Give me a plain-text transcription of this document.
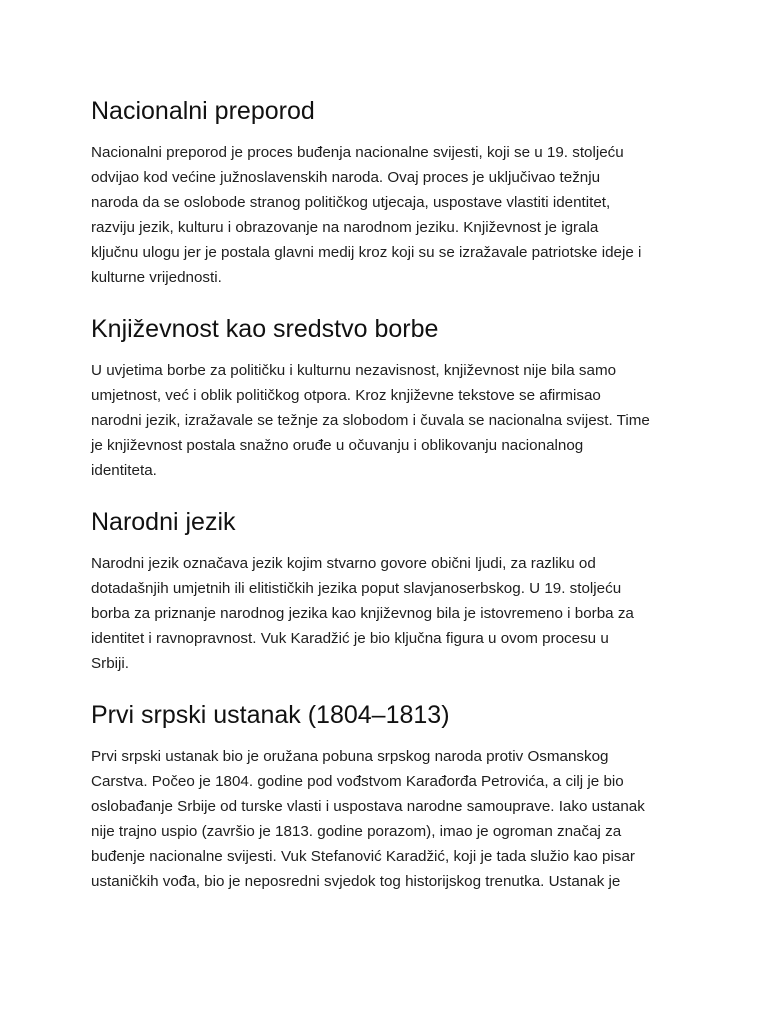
Nacionalni preporod

Nacionalni preporod je proces buđenja nacionalne svijesti, koji se u 19. stoljeću
odvijao kod većine južnoslavenskih naroda. Ovaj proces je uključivao težnju
naroda da se oslobode stranog političkog utjecaja, uspostave vlastiti identitet,
razviju jezik, kulturu i obrazovanje na narodnom jeziku. Književnost je igrala
ključnu ulogu jer je postala glavni medij kroz koji su se izražavale patriotske ideje i
kulturne vrijednosti.

Književnost kao sredstvo borbe

U uvjetima borbe za političku i kulturnu nezavisnost, književnost nije bila samo
umjetnost, već i oblik političkog otpora. Kroz književne tekstove se afirmisao
narodni jezik, izražavale se težnje za slobodom i čuvala se nacionalna svijest. Time
je književnost postala snažno oruđe u očuvanju i oblikovanju nacionalnog
identiteta.

Narodni jezik

Narodni jezik označava jezik kojim stvarno govore obični ljudi, za razliku od
dotadašnjih umjetnih ili elitističkih jezika poput slavjanoserbskog. U 19. stoljeću
borba za priznanje narodnog jezika kao književnog bila je istovremeno i borba za
identitet i ravnopravnost. Vuk Karadžić je bio ključna figura u ovom procesu u
Srbiji.

Prvi srpski ustanak (1804–1813)

Prvi srpski ustanak bio je oružana pobuna srpskog naroda protiv Osmanskog
Carstva. Počeo je 1804. godine pod vođstvom Karađorđa Petrovića, a cilj je bio
oslobađanje Srbije od turske vlasti i uspostava narodne samouprave. Iako ustanak
nije trajno uspio (završio je 1813. godine porazom), imao je ogroman značaj za
buđenje nacionalne svijesti. Vuk Stefanović Karadžić, koji je tada služio kao pisar
ustaničkih vođa, bio je neposredni svjedok tog historijskog trenutka. Ustanak je
